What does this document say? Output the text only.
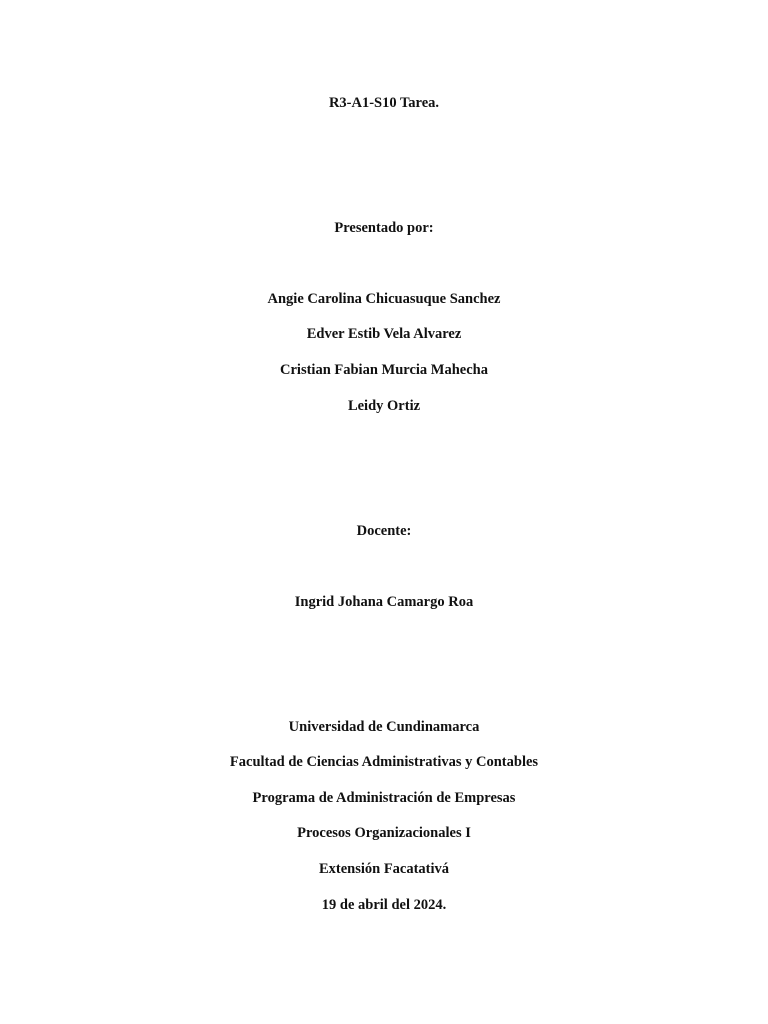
R3-A1-S10 Tarea.
Presentado por:
Angie Carolina Chicuasuque Sanchez
Edver Estib Vela Alvarez
Cristian Fabian Murcia Mahecha
Leidy Ortiz
Docente:
Ingrid Johana Camargo Roa
Universidad de Cundinamarca
Facultad de Ciencias Administrativas y Contables
Programa de Administración de Empresas
Procesos Organizacionales I
Extensión Facatativá
19 de abril del 2024.
